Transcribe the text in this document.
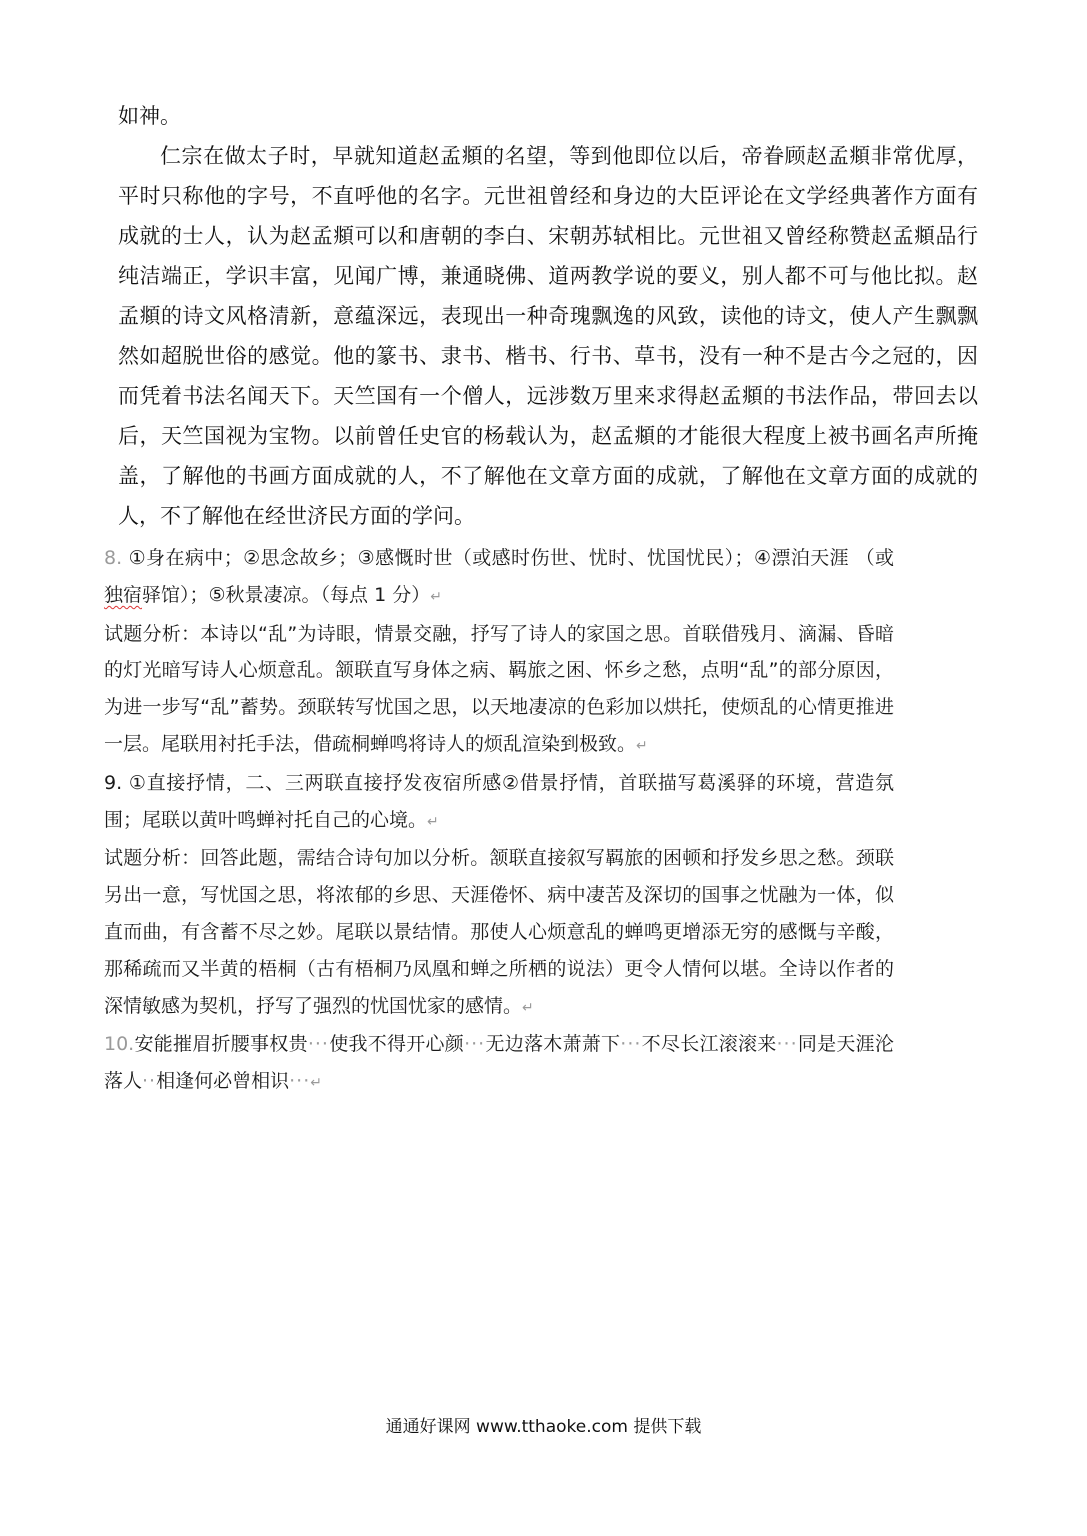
如神。

仁宗在做太子时，早就知道赵孟頫的名望，等到他即位以后，帝眷顾赵孟頫非常优厚，平时只称他的字号，不直呼他的名字。元世祖曾经和身边的大臣评论在文学经典著作方面有成就的士人，认为赵孟頫可以和唐朝的李白、宋朝苏轼相比。元世祖又曾经称赞赵孟頫品行纯洁端正，学识丰富，见闻广博，兼通晓佛、道两教学说的要义，别人都不可与他比拟。赵孟頫的诗文风格清新，意蕴深远，表现出一种奇瑰飘逸的风致，读他的诗文，使人产生飘飘然如超脱世俗的感觉。他的篆书、隶书、楷书、行书、草书，没有一种不是古今之冠的，因而凭着书法名闻天下。天竺国有一个僧人，远涉数万里来求得赵孟頫的书法作品，带回去以后，天竺国视为宝物。以前曾任史官的杨载认为，赵孟頫的才能很大程度上被书画名声所掩盖，了解他的书画方面成就的人，不了解他在文章方面的成就，了解他在文章方面的成就的人，不了解他在经世济民方面的学问。

8. ①身在病中；②思念故乡；③感慨时世（或感时伤世、忧时、忧国忧民）；④漂泊天涯 （或独宿驿馆）；⑤秋景凄凉。（每点 1 分）↵

试题分析：本诗以“乱”为诗眼，情景交融，抒写了诗人的家国之思。首联借残月、滴漏、昏暗的灯光暗写诗人心烦意乱。颔联直写身体之病、羁旅之困、怀乡之愁，点明“乱”的部分原因，为进一步写“乱”蓄势。颈联转写忧国之思，以天地凄凉的色彩加以烘托，使烦乱的心情更推进一层。尾联用衬托手法，借疏桐蝉鸣将诗人的烦乱渲染到极致。↵

9. ①直接抒情，二、三两联直接抒发夜宿所感②借景抒情，首联描写葛溪驿的环境，营造氛围；尾联以黄叶鸣蝉衬托自己的心境。↵

试题分析：回答此题，需结合诗句加以分析。颔联直接叙写羁旅的困顿和抒发乡思之愁。颈联另出一意，写忧国之思，将浓郁的乡思、天涯倦怀、病中凄苦及深切的国事之忧融为一体，似直而曲，有含蓄不尽之妙。尾联以景结情。那使人心烦意乱的蝉鸣更增添无穷的感慨与辛酸，那稀疏而又半黄的梧桐（古有梧桐乃凤凰和蝉之所栖的说法）更令人情何以堪。全诗以作者的深情敏感为契机，抒写了强烈的忧国忧家的感情。↵

10.安能摧眉折腰事权贵···使我不得开心颜···无边落木萧萧下···不尽长江滚滚来···同是天涯沦落人··相逢何必曾相识···↵

通通好课网 www.tthaoke.com 提供下载
